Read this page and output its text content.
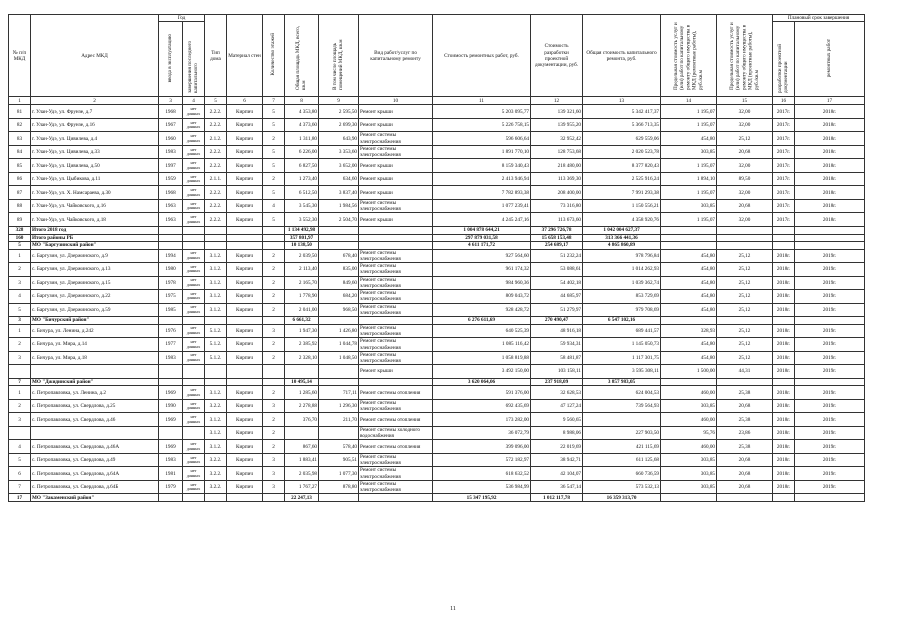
№ п/п МКД	Адрес МКД	Год		Тип дома	Материал стен	Количество этажей	Общая площадь МКД, всего, кв.м	В том числе площадь помещений МКД, кв.м	Вид работ/услуг по капитальному ремонту	Стоимость ремонтных работ, руб.	Стоимость разработки проектной документации, руб.	Общая стоимость капитального ремонта, руб.	Предельная стоимость услуг и (или) работ по капитальному ремонту общего имущества в МКД (ремонтные работы), руб./кв.м	Предельная стоимость услуг и (или) работ по капитальному ремонту общего имущества в МКД (проектные работы), руб./кв.м	Плановый срок завершения	
		ввода в эксплуатацию	завершения последнего капитального												разработки проектной документации	ремонтных работ
1	2	3	4	5	6	7	8	9	10	11	12	13	14	15	16	17
81	г. Улан-Удэ, ул. Фрунзе, д.7	1968	нет данных	2.2.2.	Кирпич	5	4 353,80	2 595,50	Ремонт крыши	5 203 095,77	139 321,60	5 342 417,37	1 195,07	32,00	2017г.	2018г.
82	г. Улан-Удэ, ул. Фрунзе, д.16	1967	нет данных	2.2.2.	Кирпич	5	4 373,60	2 699,30	Ремонт крыши	5 226 758,15	139 955,20	5 366 713,35	1 195,07	32,00	2017г.	2018г.
83	г. Улан-Удэ, ул. Цивилева, д.4	1960	нет данных	2.1.2.	Кирпич	2	1 311,80	643,90	Ремонт системы электроснабжения	596 606,64	32 952,42	629 559,06	454,80	25,12	2017г.	2018г.
84	г. Улан-Удэ, ул. Цивилева, д.33	1983	нет данных	2.2.2.	Кирпич	5	6 226,00	3 353,60	Ремонт системы электроснабжения	1 891 770,10	128 753,68	2 020 523,78	303,85	20,68	2017г.	2018г.
85	г. Улан-Удэ, ул. Цивилева, д.50	1997	нет данных	2.2.2.	Кирпич	5	6 827,50	3 652,00	Ремонт крыши	8 159 340,43	218 480,00	8 377 820,43	1 195,07	32,00	2017г.	2018г.
86	г. Улан-Удэ, ул. Цыбикова, д.11	1959	нет данных	2.1.1.	Кирпич	2	1 273,40	634,60	Ремонт крыши	2 413 946,94	113 369,30	2 525 916,24	1 894,10	89,50	2017г.	2018г.
87	г. Улан-Удэ, ул. Х. Намсараева, д.30	1968	нет данных	2.2.2.	Кирпич	5	6 512,50	3 837,40	Ремонт крыши	7 782 893,38	208 400,00	7 991 293,38	1 195,07	32,00	2017г.	2018г.
88	г. Улан-Удэ, ул. Чайковского, д.16	1963	нет данных	2.2.2.	Кирпич	4	3 545,30	1 984,56	Ремонт системы электроснабжения	1 077 239,41	73 316,80	1 150 556,21	303,85	20,68	2017г.	2018г.
89	г. Улан-Удэ, ул. Чайковского, д.18	1963	нет данных	2.2.2.	Кирпич	5	3 552,30	2 504,70	Ремонт крыши	4 245 247,16	113 673,60	4 358 920,76	1 195,07	32,00	2017г.	2018г.
328	Итого 2018 год						1 134 492,98			1 004 878 644,21	37 296 726,78	1 042 004 627,37				
160	Итого районы РБ						357 801,97			297 879 031,58	15 658 153,48	313 366 441,36				
5	МО "Баргузинский район"						10 138,50			4 611 171,72	254 689,17	4 865 860,89				
1	с. Баргузин, ул. Дзержинского, д.9	1994	нет данных	3.1.2.	Кирпич	2	2 039,50	678,40	Ремонт системы электроснабжения	927 564,60	51 232,24	978 796,84	454,80	25,12	2018г.	2019г.
2	с. Баргузин, ул. Дзержинского, д.13	1980	нет данных	3.1.2.	Кирпич	2	2 113,40	835,00	Ремонт системы электроснабжения	961 174,32	53 088,61	1 014 262,93	454,80	25,12	2018г.	2019г.
3	с. Баргузин, ул. Дзержинского, д.15	1978	нет данных	3.1.2.	Кирпич	2	2 165,70	849,60	Ремонт системы электроснабжения	984 960,36	54 402,18	1 039 362,74	454,80	25,12	2018г.	2019г.
4	с. Баргузин, ул. Дзержинского, д.22	1975	нет данных	3.1.2.	Кирпич	2	1 778,90	684,20	Ремонт системы электроснабжения	809 043,72	44 685,97	853 729,69	454,80	25,12	2018г.	2019г.
5	с. Баргузин, ул. Дзержинского, д.59	1985	нет данных	3.1.2.	Кирпич	2	2 041,00	968,50	Ремонт системы электроснабжения	928 428,72	51 279,97	979 708,69	454,80	25,12	2018г.	2019г.
3	МО "Бичурский район"						6 661,32			6 276 611,69	270 490,47	6 547 102,16				
1	с. Бичура, ул. Ленина, д.242	1976	нет данных	5.1.2.	Кирпич	3	1 947,30	1 426,80	Ремонт системы электроснабжения	640 525,39	48 916,18	689 441,57	328,93	25,12	2018г.	2019г.
2	с. Бичура, ул. Мира, д.14	1977	нет данных	5.1.2.	Кирпич	2	2 385,92	1 044,78	Ремонт системы электроснабжения	1 085 116,42	59 934,31	1 145 050,73	454,80	25,12	2018г.	2019г.
3	с. Бичура, ул. Мира, д.18	1983	нет данных	5.1.2.	Кирпич	2	2 328,10	1 048,50	Ремонт системы электроснабжения	1 058 819,88	58 481,87	1 117 301,75	454,80	25,12	2018г.	2019г.
									Ремонт крыши	3 492 150,00	103 158,11	3 595 308,11	1 500,00	44,31	2018г.	2019г.
7	МО "Джидинский район"						10 495,14			3 620 064,06	237 918,09	3 857 983,05				
1	с. Петропавловка, ул. Ленина, д.2	1969	нет данных	3.1.2.	Кирпич	2	1 285,60	717,11	Ремонт системы отопления	591 376,00	32 628,53	624 004,53	460,00	25,38	2018г.	2019г.
2	с. Петропавловка, ул. Свердлова, д.25	1990	нет данных	3.2.2.	Кирпич	3	2 278,88	1 296,30	Ремонт системы электроснабжения	692 435,69	47 127,24	739 564,93	303,85	20,68	2018г.	2019г.
3	с. Петропавловка, ул. Свердлова, д.46	1969	нет данных	3.1.2.	Кирпич	2	376,70	211,70	Ремонт системы отопления	173 282,00	9 560,65		460,00	25,38	2018г.	2019г.
				3.1.2.	Кирпич	2			Ремонт системы холодного водоснабжения	36 072,79	8 988,06	227 903,50	95,76	23,86	2018г.	2019г.
4	с. Петропавловка, ул. Свердлова, д.46А	1969	нет данных	3.1.2.	Кирпич	2	867,60	578,40	Ремонт системы отопления	399 096,00	22 019,69	421 115,69	460,00	25,38	2018г.	2019г.
5	с. Петропавловка, ул. Свердлова, д.49	1983	нет данных	3.2.2.	Кирпич	3	1 883,41	905,51	Ремонт системы электроснабжения	572 182,97	38 942,71	611 125,68	303,85	20,68	2018г.	2019г.
6	с. Петропавловка, ул. Свердлова, д.64А	1981	нет данных	3.2.2.	Кирпич	3	2 035,98	1 077,30	Ремонт системы электроснабжения	618 632,52	42 104,07	660 736,59	303,85	20,68	2018г.	2019г.
7	с. Петропавловка, ул. Свердлова, д.64Б	1979	нет данных	3.2.2.	Кирпич	3	1 767,27	878,80	Ремонт системы электроснабжения	536 984,99	36 547,14	573 532,13	303,85	20,68	2018г.	2019г.
17	МО "Закаменский район"						22 247,13			15 347 195,92	1 012 117,78	16 359 313,70				
11
